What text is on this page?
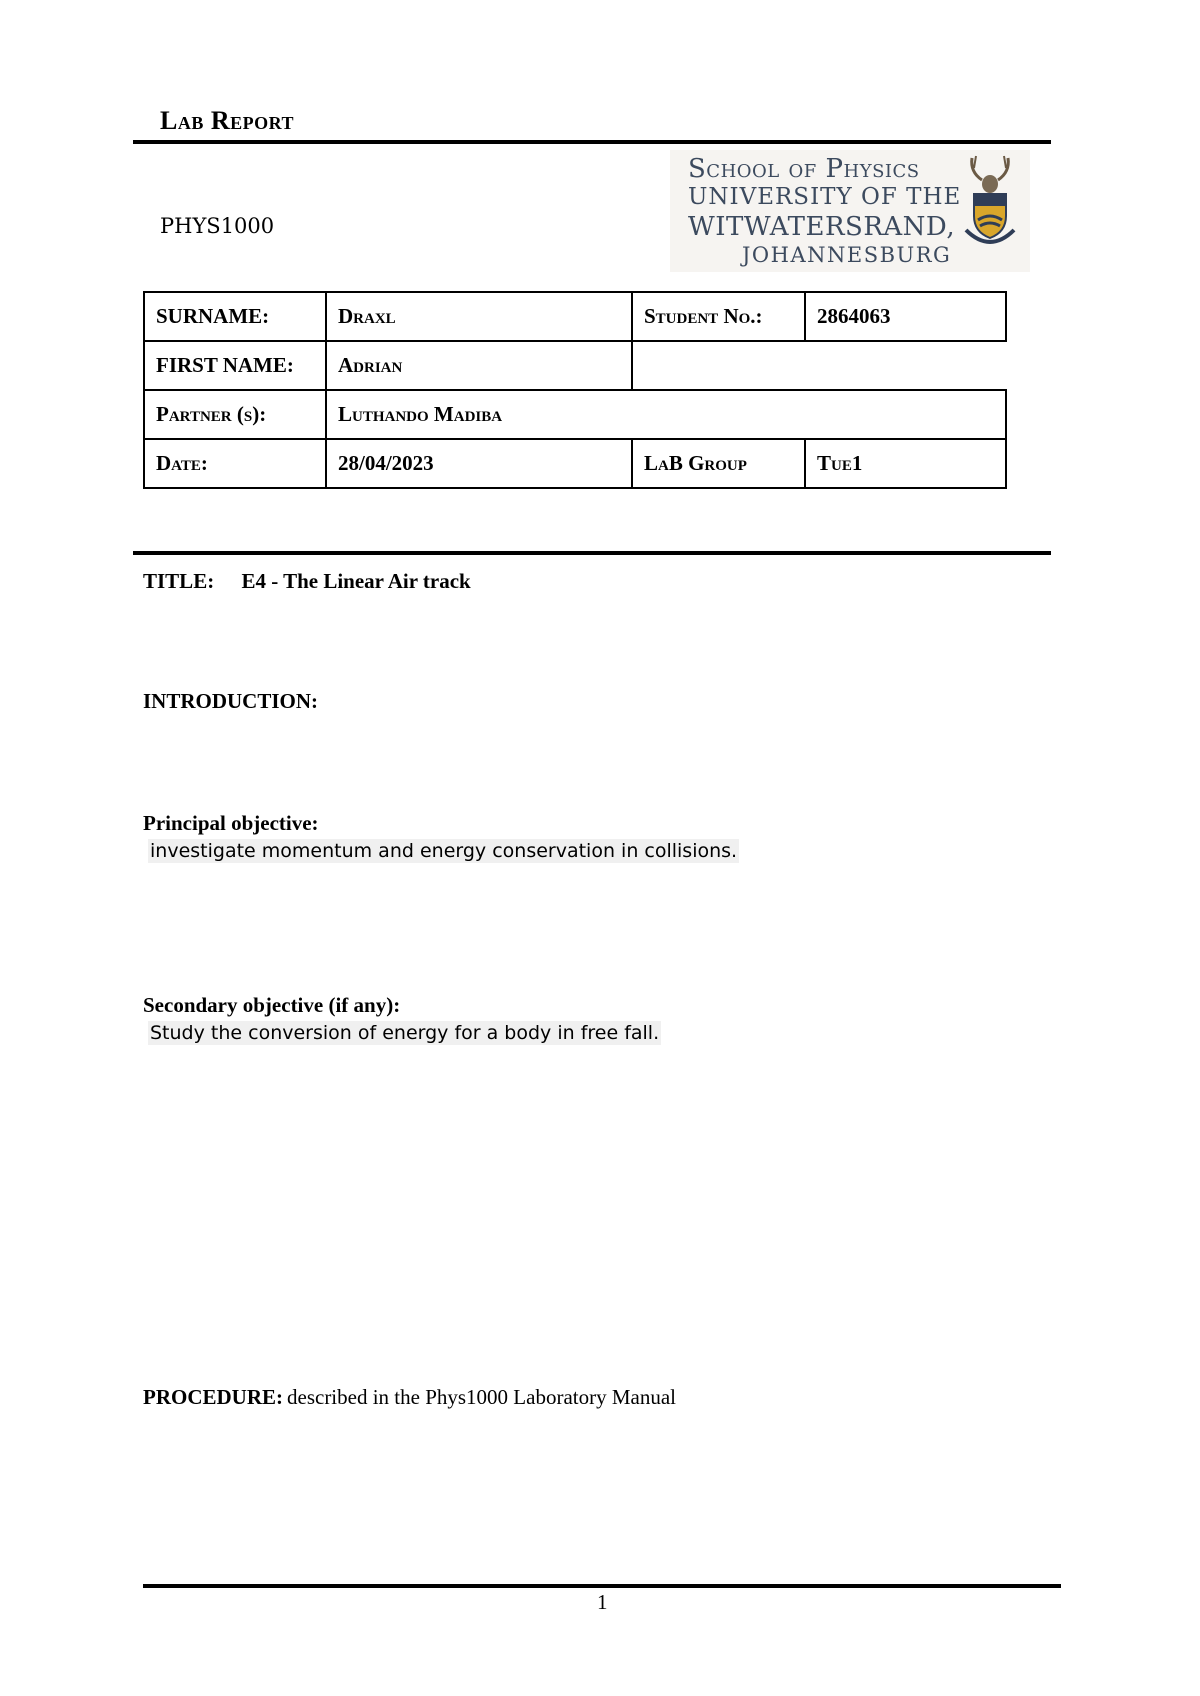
Lab Report
PHYS1000
School of Physics
UNIVERSITY OF THE
WITWATERSRAND,
JOHANNESBURG
SURNAME:	Draxl	Student No.:	2864063
FIRST NAME:	Adrian		
Partner (s):	Luthando Madiba		
Date:	28/04/2023	LaB Group	Tue1
TITLE: E4 - The Linear Air track
INTRODUCTION:
Principal objective:
investigate momentum and energy conservation in collisions.
Secondary objective (if any):
Study the conversion of energy for a body in free fall.
PROCEDURE: described in the Phys1000 Laboratory Manual
1
